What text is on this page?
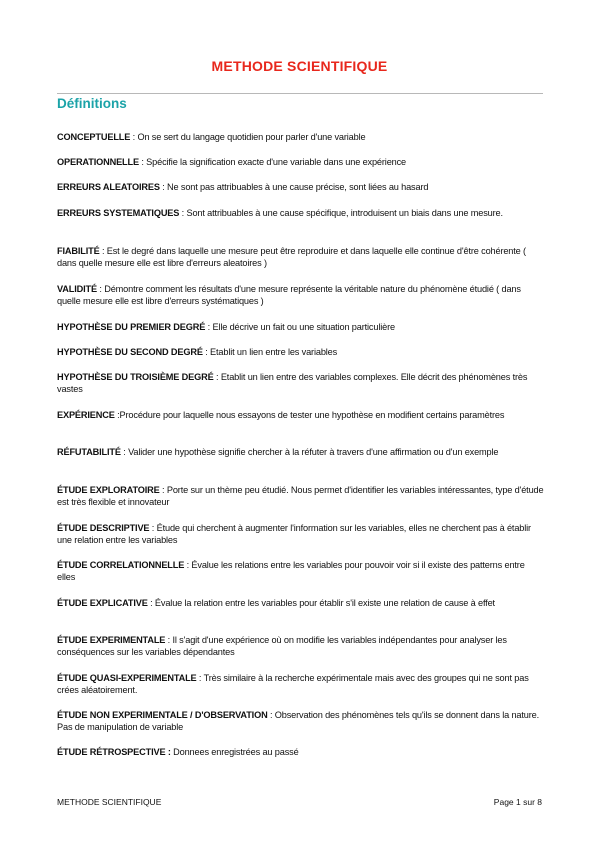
METHODE SCIENTIFIQUE
Définitions

CONCEPTUELLE : On se sert du langage quotidien pour parler d'une variable

OPERATIONNELLE : Spécifie la signification exacte d'une variable dans une expérience

ERREURS ALEATOIRES : Ne sont pas attribuables à une cause précise, sont liées au hasard

ERREURS SYSTEMATIQUES : Sont attribuables à une cause spécifique, introduisent un biais dans une mesure.

FIABILITÉ : Est le degré dans laquelle une mesure peut être reproduire et dans laquelle elle continue d'être cohérente ( dans quelle mesure elle est libre d'erreurs aleatoires )

VALIDITÉ : Démontre comment les résultats d'une mesure représente la véritable nature du phénomène étudié ( dans quelle mesure elle est libre d'erreurs systématiques )

HYPOTHÈSE DU PREMIER DEGRÉ : Elle décrive un fait ou une situation particulière

HYPOTHÈSE DU SECOND DEGRÉ : Etablit un lien entre les variables

HYPOTHÈSE DU TROISIÈME DEGRÉ : Etablit un lien entre des variables complexes. Elle décrit des phénomènes très vastes

EXPÉRIENCE :Procédure pour laquelle nous essayons de tester une hypothèse en modifient certains paramètres

RÉFUTABILITÉ : Valider une hypothèse signifie chercher à la réfuter à travers d'une affirmation ou d'un exemple

ÉTUDE EXPLORATOIRE : Porte sur un thème peu étudié. Nous permet d'identifier les variables intéressantes, type d'étude est très flexible et innovateur

ÉTUDE DESCRIPTIVE : Étude qui cherchent à augmenter l'information sur les variables, elles ne cherchent pas à établir une relation entre les variables

ÉTUDE CORRELATIONNELLE : Évalue les relations entre les variables pour pouvoir voir si il existe des patterns entre elles

ÉTUDE EXPLICATIVE : Évalue la relation entre les variables pour établir s'il existe une relation de cause à effet

ÉTUDE EXPERIMENTALE : Il s'agit d'une expérience où on modifie les variables indépendantes pour analyser les conséquences sur les variables dépendantes

ÉTUDE QUASI-EXPERIMENTALE : Très similaire à la recherche expérimentale mais avec des groupes qui ne sont pas crées aléatoirement.

ÉTUDE NON EXPERIMENTALE / D'OBSERVATION : Observation des phénomènes tels qu'ils se donnent dans la nature. Pas de manipulation de variable

ÉTUDE RÉTROSPECTIVE : Donnees enregistrées au passé

METHODE SCIENTIFIQUE	Page 1 sur 8
